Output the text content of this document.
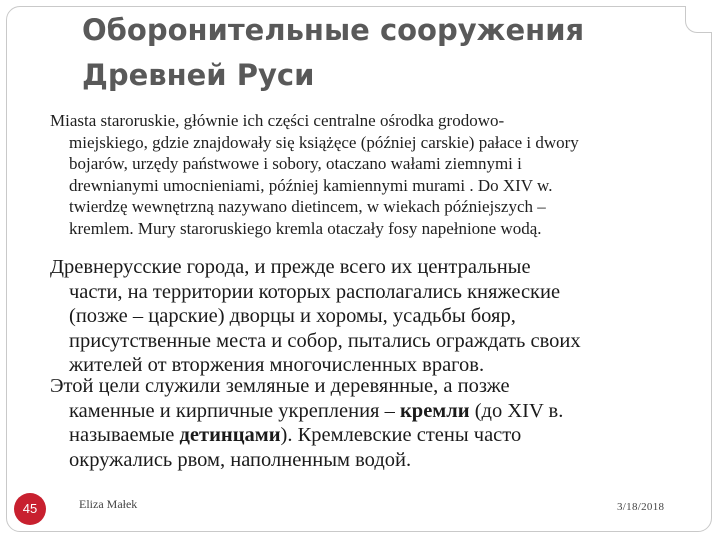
Оборонительные сооружения
Древней Руси

Miasta staroruskie, głównie ich części centralne ośrodka grodowo-
miejskiego, gdzie znajdowały się książęce (później carskie) pałace i dwory
bojarów, urzędy państwowe i sobory, otaczano wałami ziemnymi i
drewnianymi umocnieniami, później kamiennymi murami . Do XIV w.
twierdzę wewnętrzną nazywano dietincem, w wiekach późniejszych –
kremlem. Mury staroruskiego kremla otaczały fosy napełnione wodą.

Древнерусские города, и прежде всего их центральные
части, на территории которых располагались княжеские
(позже – царские) дворцы и хоромы, усадьбы бояр,
присутственные места и собор, пытались ограждать своих
жителей от вторжения многочисленных врагов.

Этой цели служили земляные и деревянные, а позже
каменные и кирпичные укрепления – кремли (до XIV в.
называемые детинцами). Кремлевские стены часто
окружались рвом, наполненным водой.

45	Eliza Małek	3/18/2018
